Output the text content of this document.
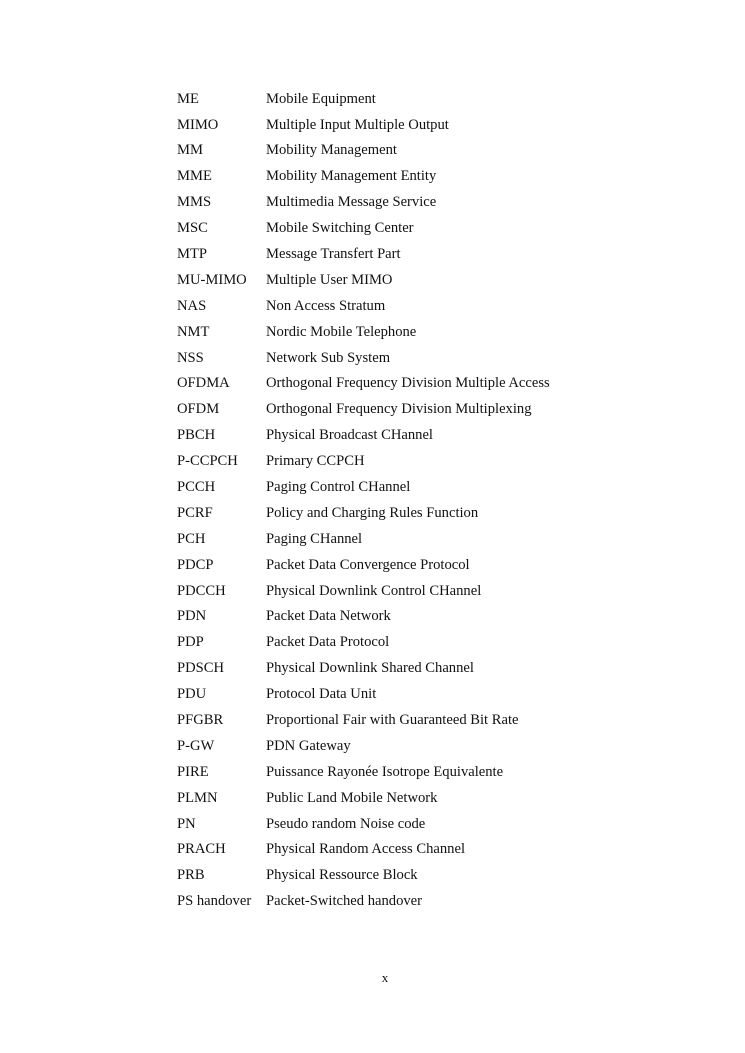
ME	Mobile Equipment
MIMO	Multiple Input Multiple Output
MM	Mobility Management
MME	Mobility Management Entity
MMS	Multimedia Message Service
MSC	Mobile Switching Center
MTP	Message Transfert Part
MU-MIMO	Multiple User MIMO
NAS	Non Access Stratum
NMT	Nordic Mobile Telephone
NSS	Network Sub System
OFDMA	Orthogonal Frequency Division Multiple Access
OFDM	Orthogonal Frequency Division Multiplexing
PBCH	Physical Broadcast CHannel
P-CCPCH	Primary CCPCH
PCCH	Paging Control CHannel
PCRF	Policy and Charging Rules Function
PCH	Paging CHannel
PDCP	Packet Data Convergence Protocol
PDCCH	Physical Downlink Control CHannel
PDN	Packet Data Network
PDP	Packet Data Protocol
PDSCH	Physical Downlink Shared Channel
PDU	Protocol Data Unit
PFGBR	Proportional Fair with Guaranteed Bit Rate
P-GW	PDN Gateway
PIRE	Puissance Rayonée Isotrope Equivalente
PLMN	Public Land Mobile Network
PN	Pseudo random Noise code
PRACH	Physical Random Access Channel
PRB	Physical Ressource Block
PS handover	Packet-Switched handover
x
